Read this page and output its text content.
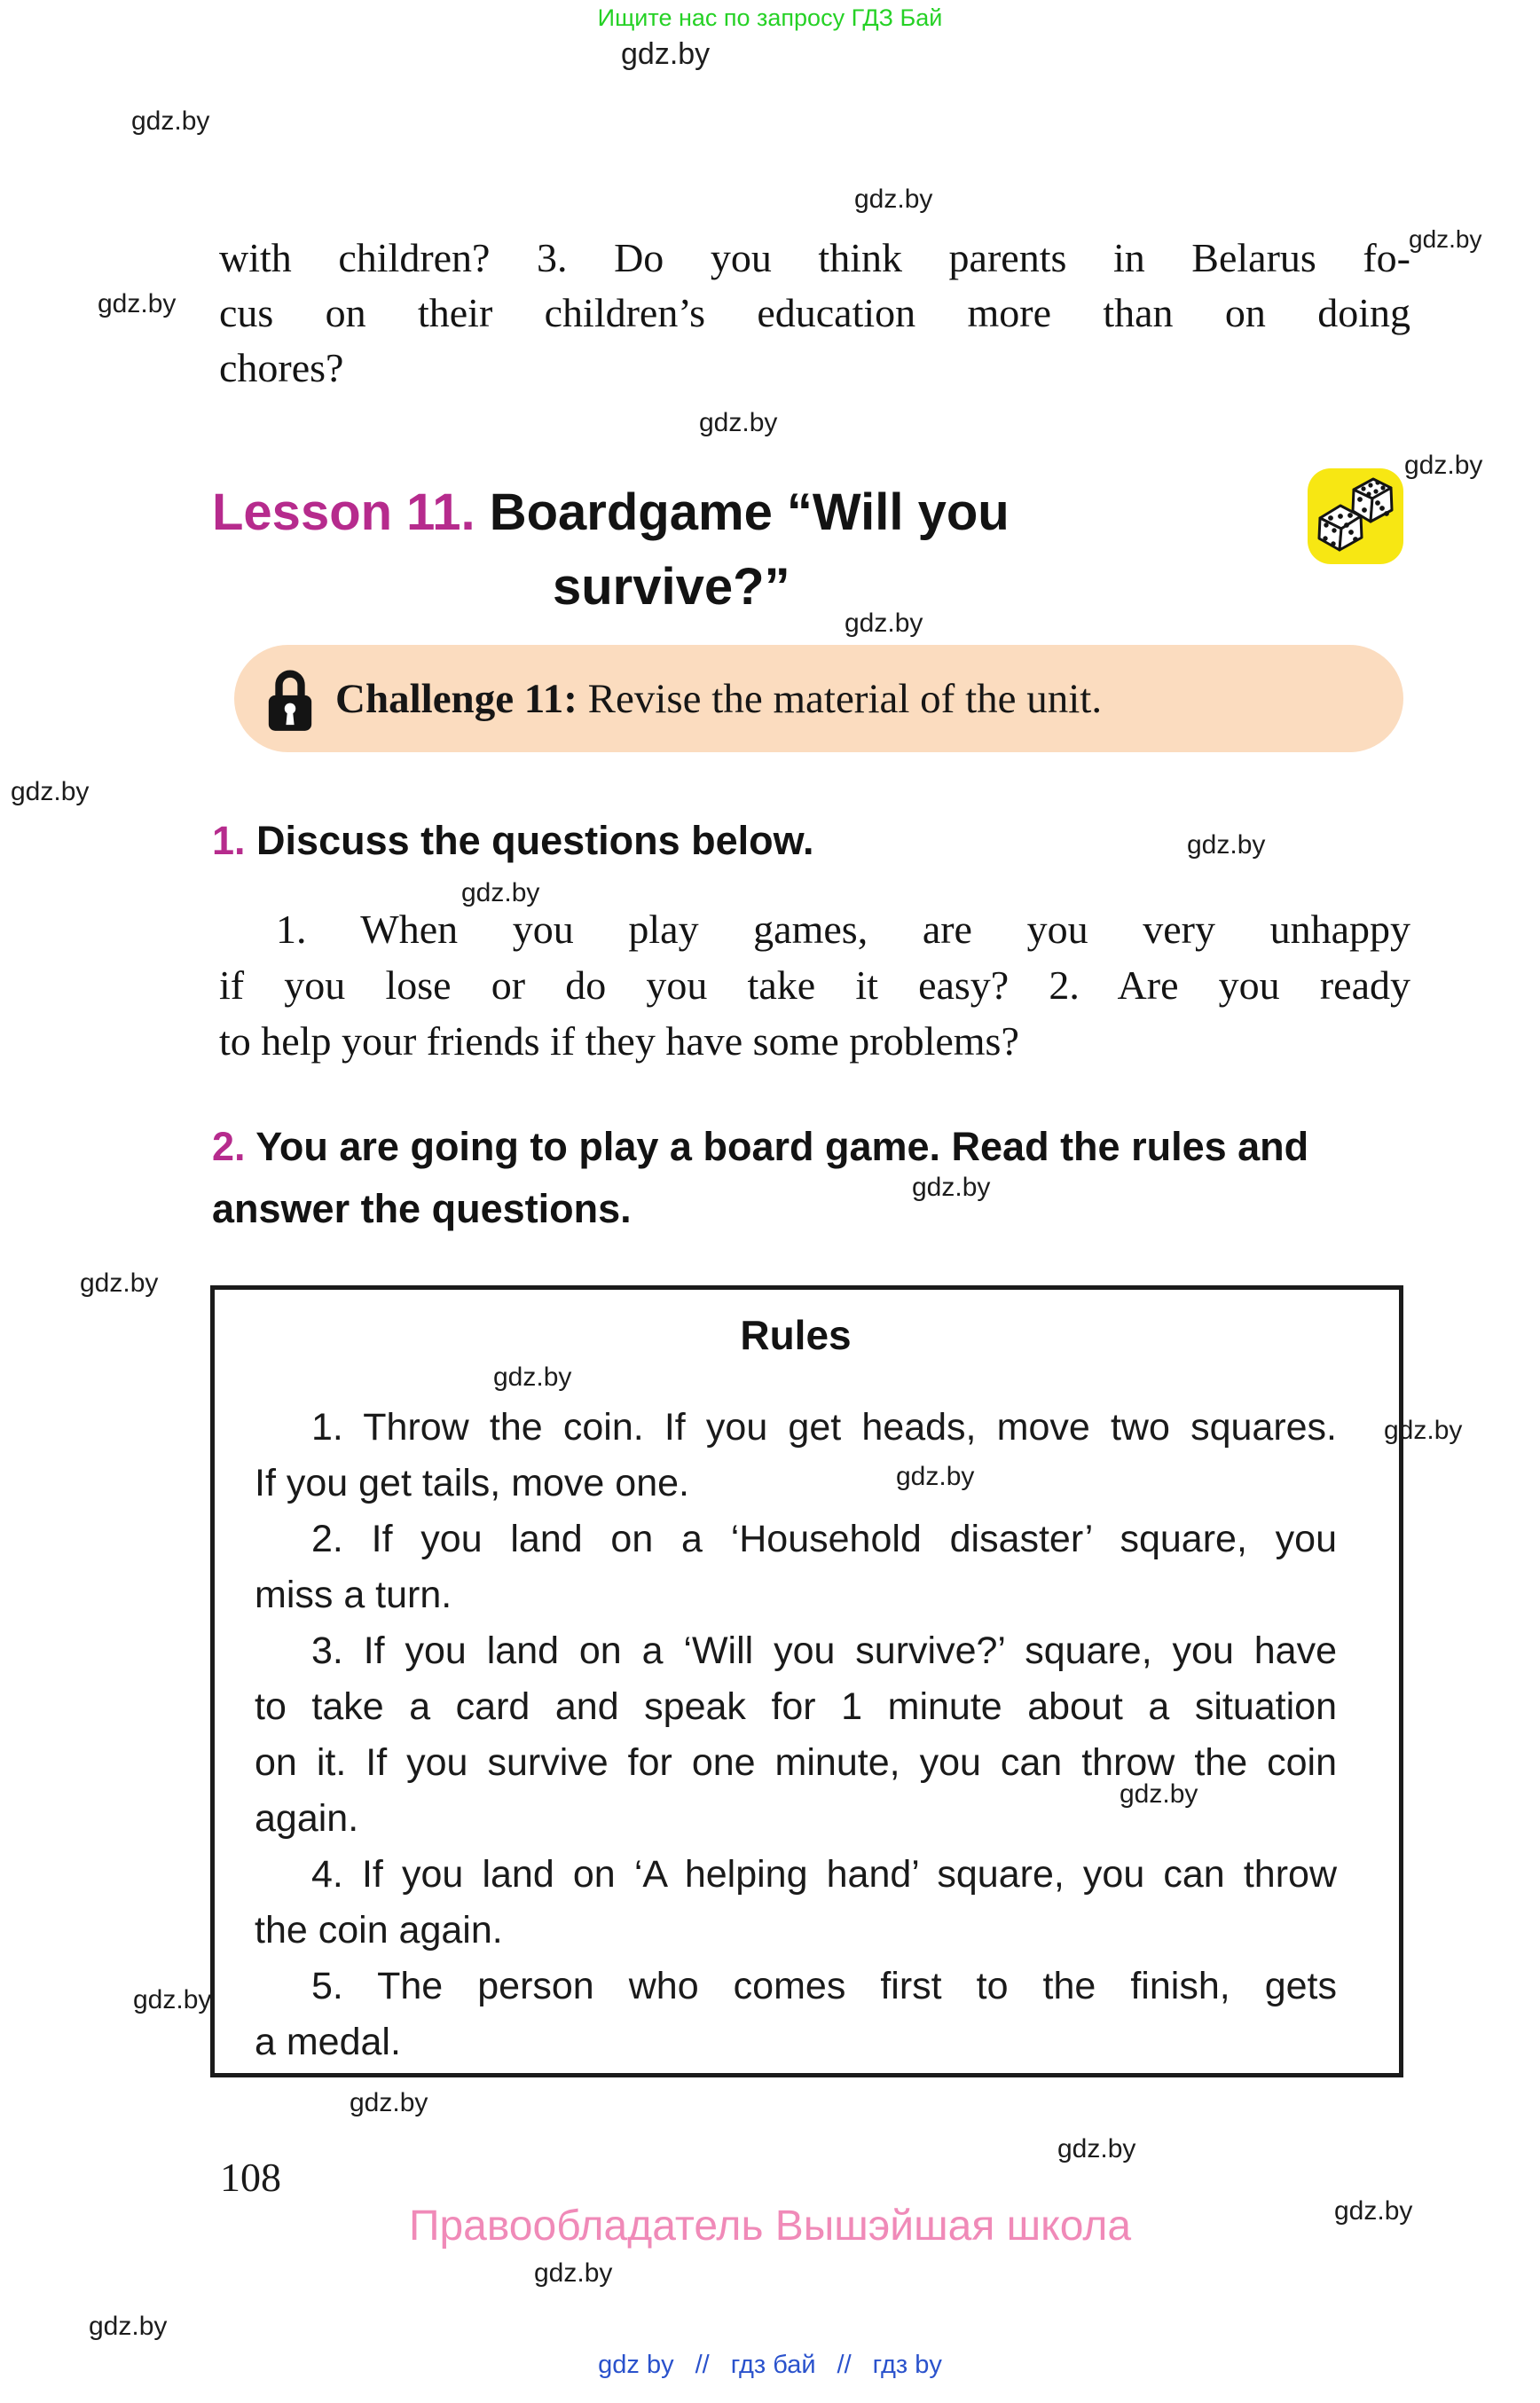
Ищите нас по запросу ГДЗ Бай
with children? 3. Do you think parents in Belarus fo-
cus on their children’s education more than on doing
chores?
Lesson 11. Boardgame “Will you
survive?”
Challenge 11: Revise the material of the unit.
1. Discuss the questions below.
1. When you play games, are you very unhappy
if you lose or do you take it easy? 2. Are you ready
to help your friends if they have some problems?
2. You are going to play a board game. Read the rules and
answer the questions.
Rules
1. Throw the coin. If you get heads, move two squares.
If you get tails, move one.
2. If you land on a ‘Household disaster’ square, you
miss a turn.
3. If you land on a ‘Will you survive?’ square, you have
to take a card and speak for 1 minute about a situation
on it. If you survive for one minute, you can throw the coin
again.
4. If you land on ‘A helping hand’ square, you can throw
the coin again.
5. The person who comes first to the finish, gets
a medal.
108
Правообладатель Вышэйшая школа
gdz by // гдз бай // гдз by
gdz.by
gdz.by
gdz.by
gdz.by
gdz.by
gdz.by
gdz.by
gdz.by
gdz.by
gdz.by
gdz.by
gdz.by
gdz.by
gdz.by
gdz.by
gdz.by
gdz.by
gdz.by
gdz.by
gdz.by
gdz.by
gdz.by
gdz.by
